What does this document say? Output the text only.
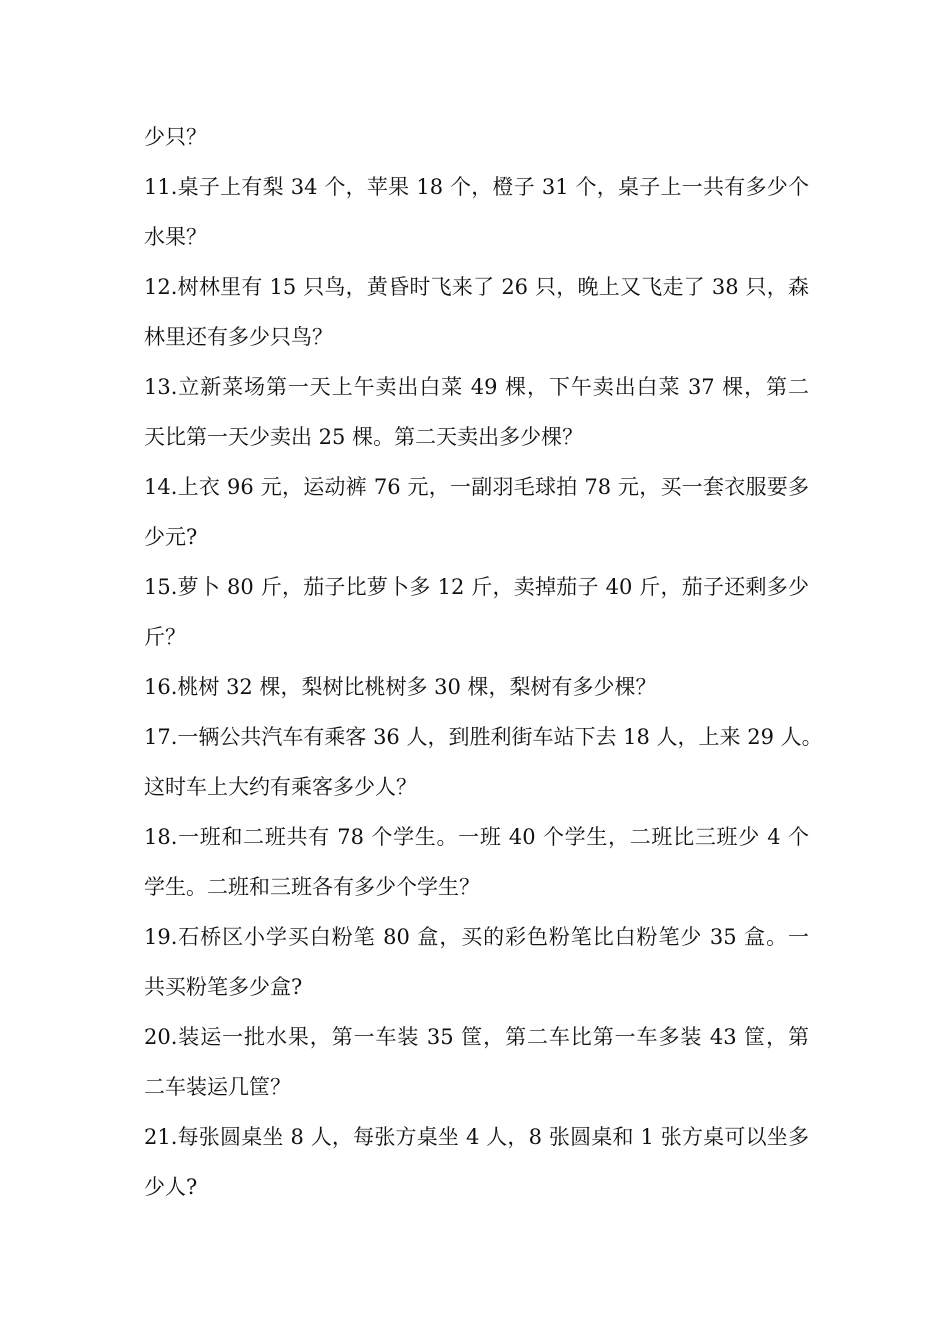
少只？
11.桌子上有梨 34 个，苹果 18 个，橙子 31 个，桌子上一共有多少个
水果？
12.树林里有 15 只鸟，黄昏时飞来了 26 只，晚上又飞走了 38 只，森
林里还有多少只鸟？
13.立新菜场第一天上午卖出白菜 49 棵，下午卖出白菜 37 棵，第二
天比第一天少卖出 25 棵。第二天卖出多少棵？
14.上衣 96 元，运动裤 76 元，一副羽毛球拍 78 元，买一套衣服要多
少元?
15.萝卜 80 斤，茄子比萝卜多 12 斤，卖掉茄子 40 斤，茄子还剩多少
斤？
16.桃树 32 棵，梨树比桃树多 30 棵，梨树有多少棵？
17.一辆公共汽车有乘客 36 人，到胜利街车站下去 18 人，上来 29 人。
这时车上大约有乘客多少人？
18.一班和二班共有 78 个学生。一班 40 个学生，二班比三班少 4 个
学生。二班和三班各有多少个学生？
19.石桥区小学买白粉笔 80 盒，买的彩色粉笔比白粉笔少 35 盒。一
共买粉笔多少盒?
20.装运一批水果，第一车装 35 筐，第二车比第一车多装 43 筐，第
二车装运几筐？
21.每张圆桌坐 8 人，每张方桌坐 4 人，8 张圆桌和 1 张方桌可以坐多
少人?
